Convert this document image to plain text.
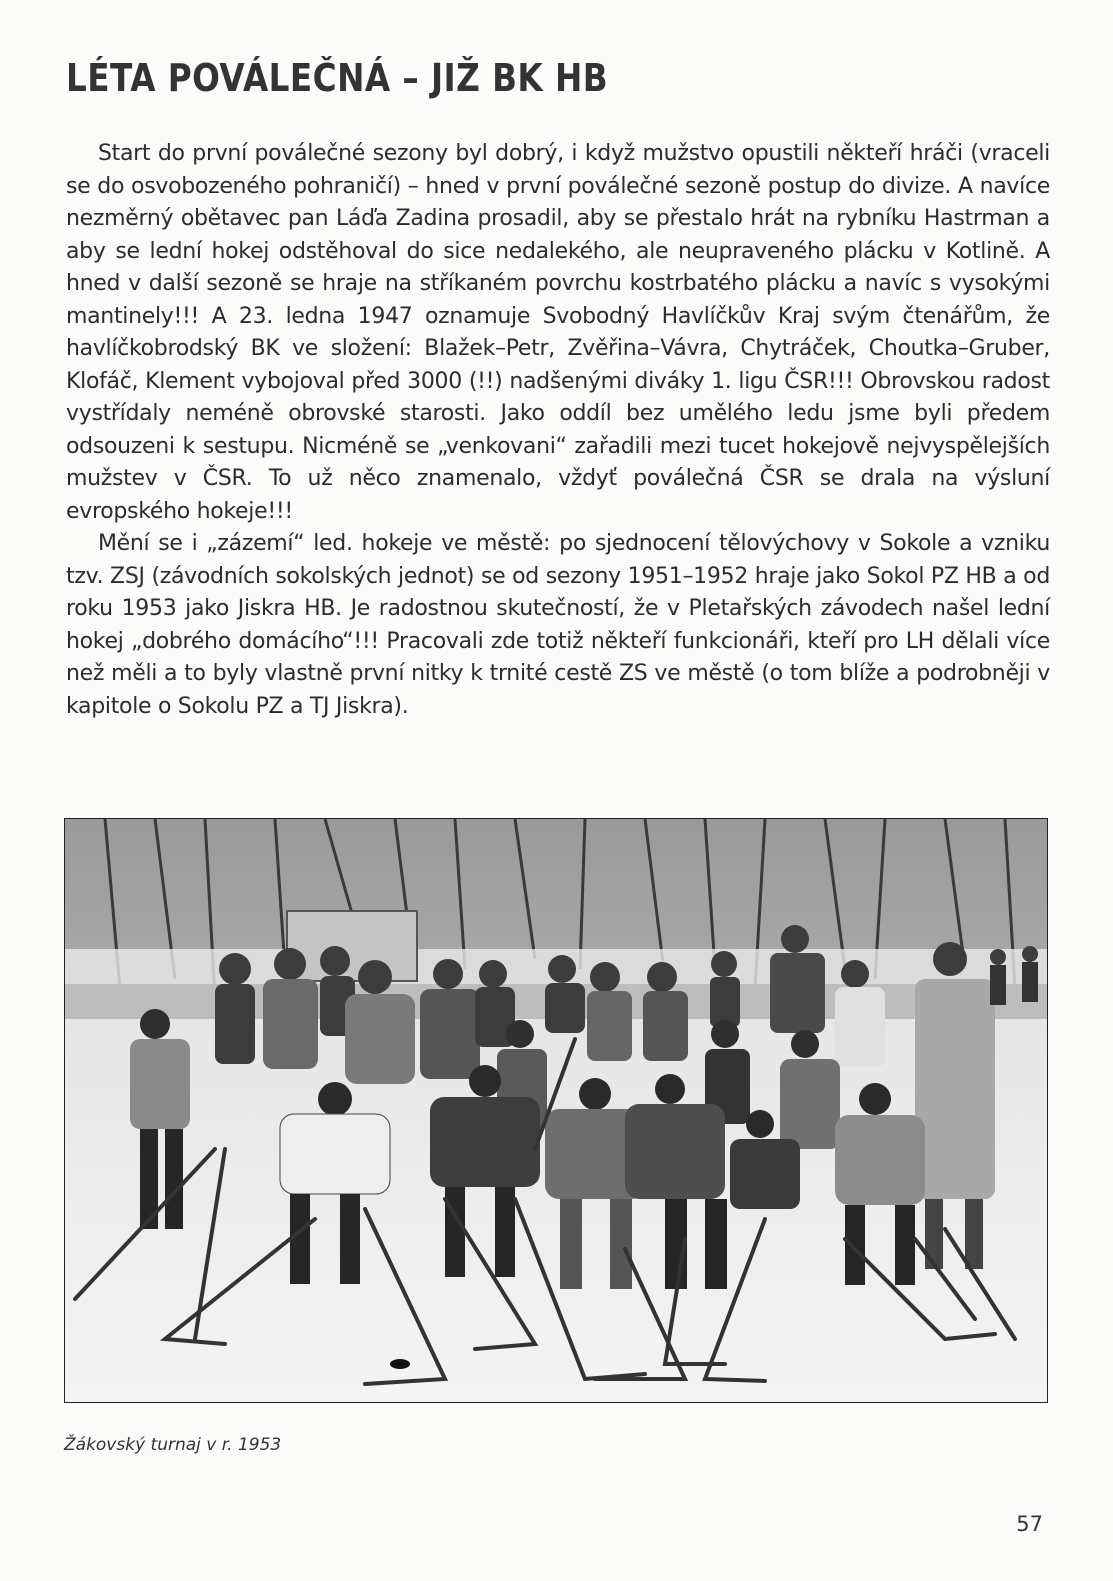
LÉTA POVÁLEČNÁ – JIŽ BK HB

Start do první poválečné sezony byl dobrý, i když mužstvo opustili někteří hráči (vraceli se do osvobozeného pohraničí) – hned v první poválečné sezoně postup do divize. A navíce nezměrný obětavec pan Láďa Zadina prosadil, aby se přestalo hrát na rybníku Hastrman a aby se lední hokej odstěhoval do sice nedalekého, ale neupraveného plácku v Kotlině. A hned v další sezoně se hraje na stříkaném povrchu kostrbatého plácku a navíc s vysokými mantinely!!! A 23. ledna 1947 oznamuje Svobodný Havlíčkův Kraj svým čtenářům, že havlíčkobrodský BK ve složení: Blažek–Petr, Zvěřina–Vávra, Chytráček, Choutka–Gruber, Klofáč, Klement vybojoval před 3000 (!!) nadšenými diváky 1. ligu ČSR!!! Obrovskou radost vystřídaly neméně obrovské starosti. Jako oddíl bez umělého ledu jsme byli předem odsouzeni k sestupu. Nicméně se „venkovani“ zařadili mezi tucet hokejově nejvyspělejších mužstev v ČSR. To už něco znamenalo, vždyť poválečná ČSR se drala na výsluní evropského hokeje!!!

Mění se i „zázemí“ led. hokeje ve městě: po sjednocení tělovýchovy v Sokole a vzniku tzv. ZSJ (závodních sokolských jednot) se od sezony 1951–1952 hraje jako Sokol PZ HB a od roku 1953 jako Jiskra HB. Je radostnou skutečností, že v Pletařských závodech našel lední hokej „dobrého domácího“!!! Pracovali zde totiž někteří funkcionáři, kteří pro LH dělali více než měli a to byly vlastně první nitky k trnité cestě ZS ve městě (o tom blíže a podrobněji v kapitole o Sokolu PZ a TJ Jiskra).

Žákovský turnaj v r. 1953
57
